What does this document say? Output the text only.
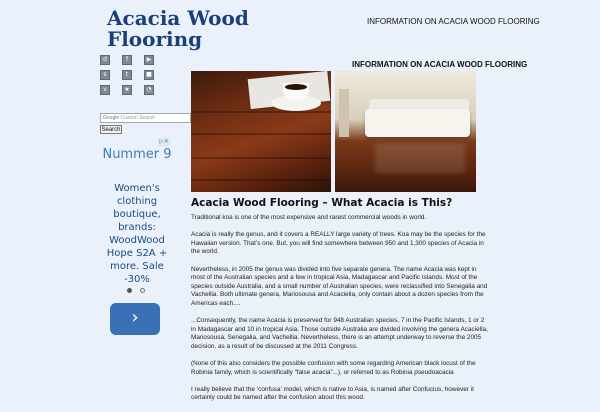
Acacia Wood
Flooring
INFORMATION ON ACACIA WOOD FLOORING
INFORMATION ON ACACIA WOOD FLOORING
d	f	▶
s	t	■
v	★	◔
Google Custom Search
Search
▷✕
Nummer 9
Women's clothing boutique, brands: WoodWood Hope S2A + more. Sale -30%
›
Acacia Wood Flooring – What Acacia is This?

Traditional koa is one of the most expensive and rarest commercial woods in world.

Acacia is really the genus, and it covers a REALLY large variety of trees. Koa may be the species for the Hawaiian version. That’s one. But, you will find somewhere between 950 and 1,300 species of Acacia in the world.

Nevertheless, in 2005 the genus was divided into five separate genera. The name Acacia was kept in most of the Australian species and a few in tropical Asia, Madagascar and Pacific Islands. Most of the species outside Australia, and a small number of Australian species, were reclassified into Senegalia and Vachellia. Both ultimate genera, Mariosousa and Acaciella, only contain about a dozen species from the Americas each....

...Consequently, the name Acacia is preserved for 948 Australian species, 7 in the Pacific Islands, 1 or 2 in Madagascar and 10 in tropical Asia. Those outside Australia are divided involving the genera Acaciella, Mariosousa, Senegalia, and Vachellia. Nevertheless, there is an attempt underway to reverse the 2005 decision, as a result of be discussed at the 2011 Congress.

(None of this also considers the possible confusion with some regarding American black locust of the Robinia family, which is scientifically “false acacia”...), or referred to as Robinia pseudoacacia

I really believe that the ‘confusa’ model, which is native to Asia, is named after Confucius, however it certainly could be named after the confusion about this wood.
